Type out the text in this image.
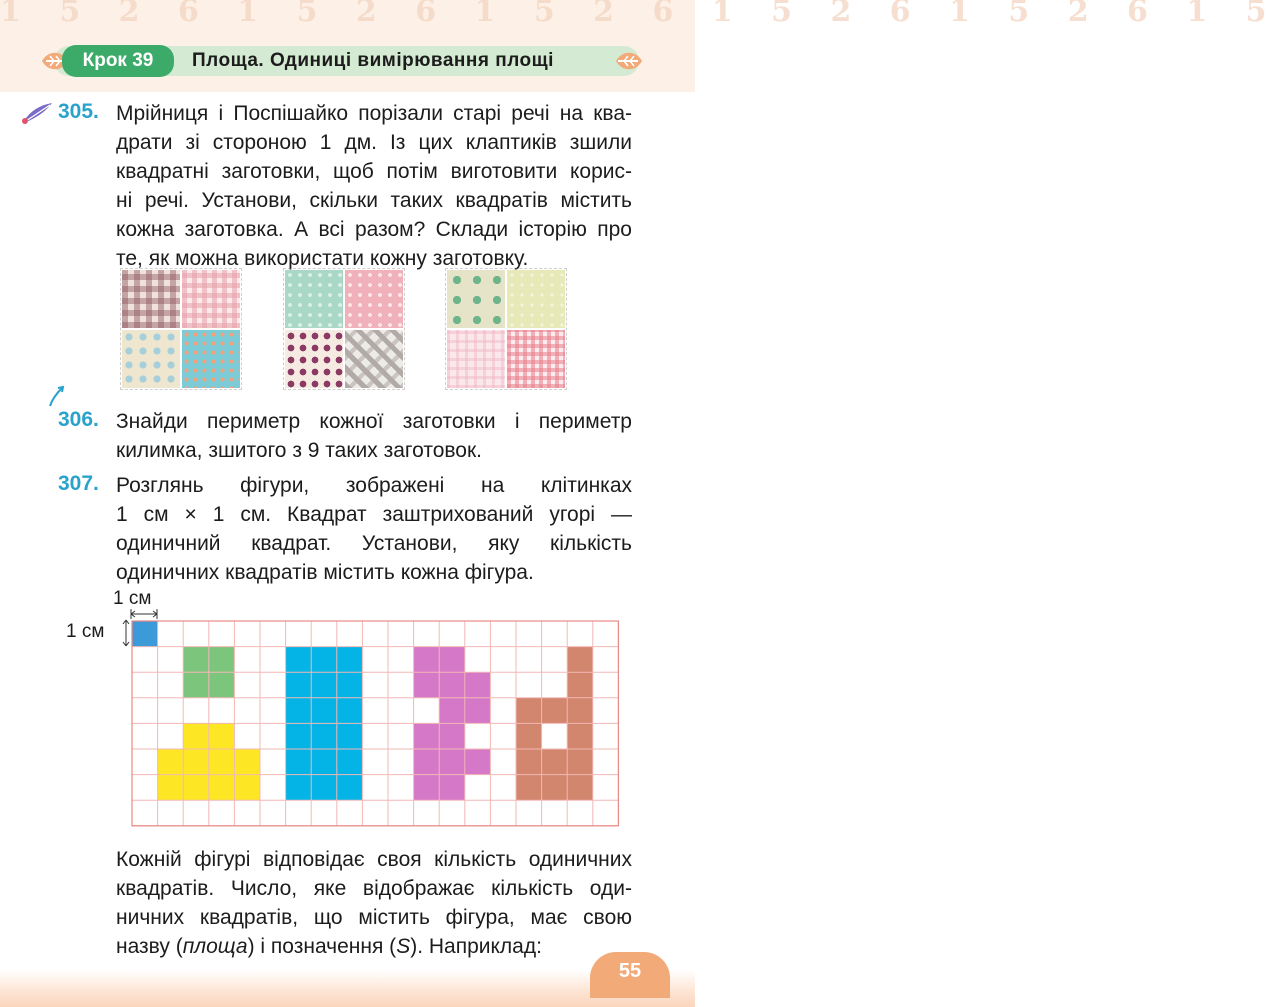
1 5 2 6 1 5 2 6 1 5 2 6 1 5 2 6 1 5 2 6 1 5
Крок 39	Площа. Одиниці вимірювання площі
305. Мрійниця і Поспішайко порізали старі речі на ква-
драти зі стороною 1 дм. Із цих клаптиків зшили
квадратні заготовки, щоб потім виготовити корис-
ні речі. Установи, скільки таких квадратів містить
кожна заготовка. А всі разом? Склади історію про
те, як можна використати кожну заготовку.
306. Знайди периметр кожної заготовки і периметр
килимка, зшитого з 9 таких заготовок.
307. Розглянь фігури, зображені на клітинках
1 см × 1 см. Квадрат заштрихований угорі —
одиничний квадрат. Установи, яку кількість
одиничних квадратів містить кожна фігура.
1 см
1 см
Кожній фігурі відповідає своя кількість одиничних
квадратів. Число, яке відображає кількість оди-
ничних квадратів, що містить фігура, має свою
назву (площа) і позначення (S). Наприклад:
55
